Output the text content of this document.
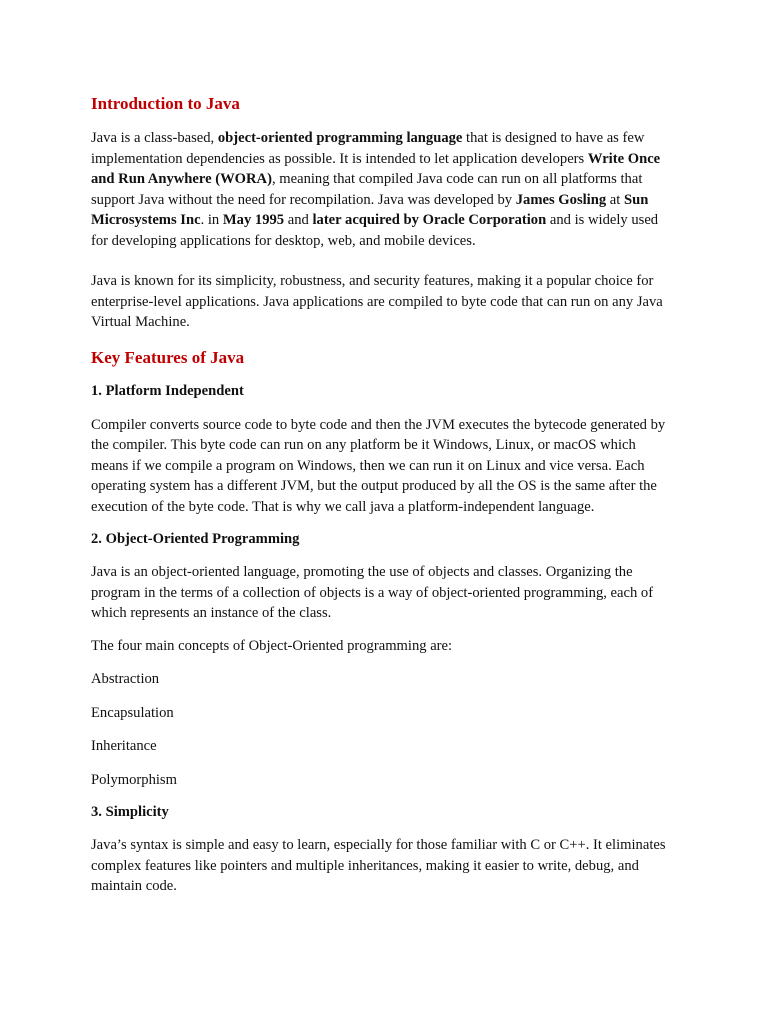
Introduction to Java

Java is a class-based, object-oriented programming language that is designed to have as few implementation dependencies as possible. It is intended to let application developers Write Once and Run Anywhere (WORA), meaning that compiled Java code can run on all platforms that support Java without the need for recompilation. Java was developed by James Gosling at Sun Microsystems Inc. in May 1995 and later acquired by Oracle Corporation and is widely used for developing applications for desktop, web, and mobile devices.

Java is known for its simplicity, robustness, and security features, making it a popular choice for enterprise-level applications. Java applications are compiled to byte code that can run on any Java Virtual Machine.

Key Features of Java
1. Platform Independent

Compiler converts source code to byte code and then the JVM executes the bytecode generated by the compiler. This byte code can run on any platform be it Windows, Linux, or macOS which means if we compile a program on Windows, then we can run it on Linux and vice versa. Each operating system has a different JVM, but the output produced by all the OS is the same after the execution of the byte code. That is why we call java a platform-independent language.

2. Object-Oriented Programming

Java is an object-oriented language, promoting the use of objects and classes. Organizing the program in the terms of a collection of objects is a way of object-oriented programming, each of which represents an instance of the class.

The four main concepts of Object-Oriented programming are:

Abstraction

Encapsulation

Inheritance

Polymorphism

3. Simplicity

Java’s syntax is simple and easy to learn, especially for those familiar with C or C++. It eliminates complex features like pointers and multiple inheritances, making it easier to write, debug, and maintain code.
